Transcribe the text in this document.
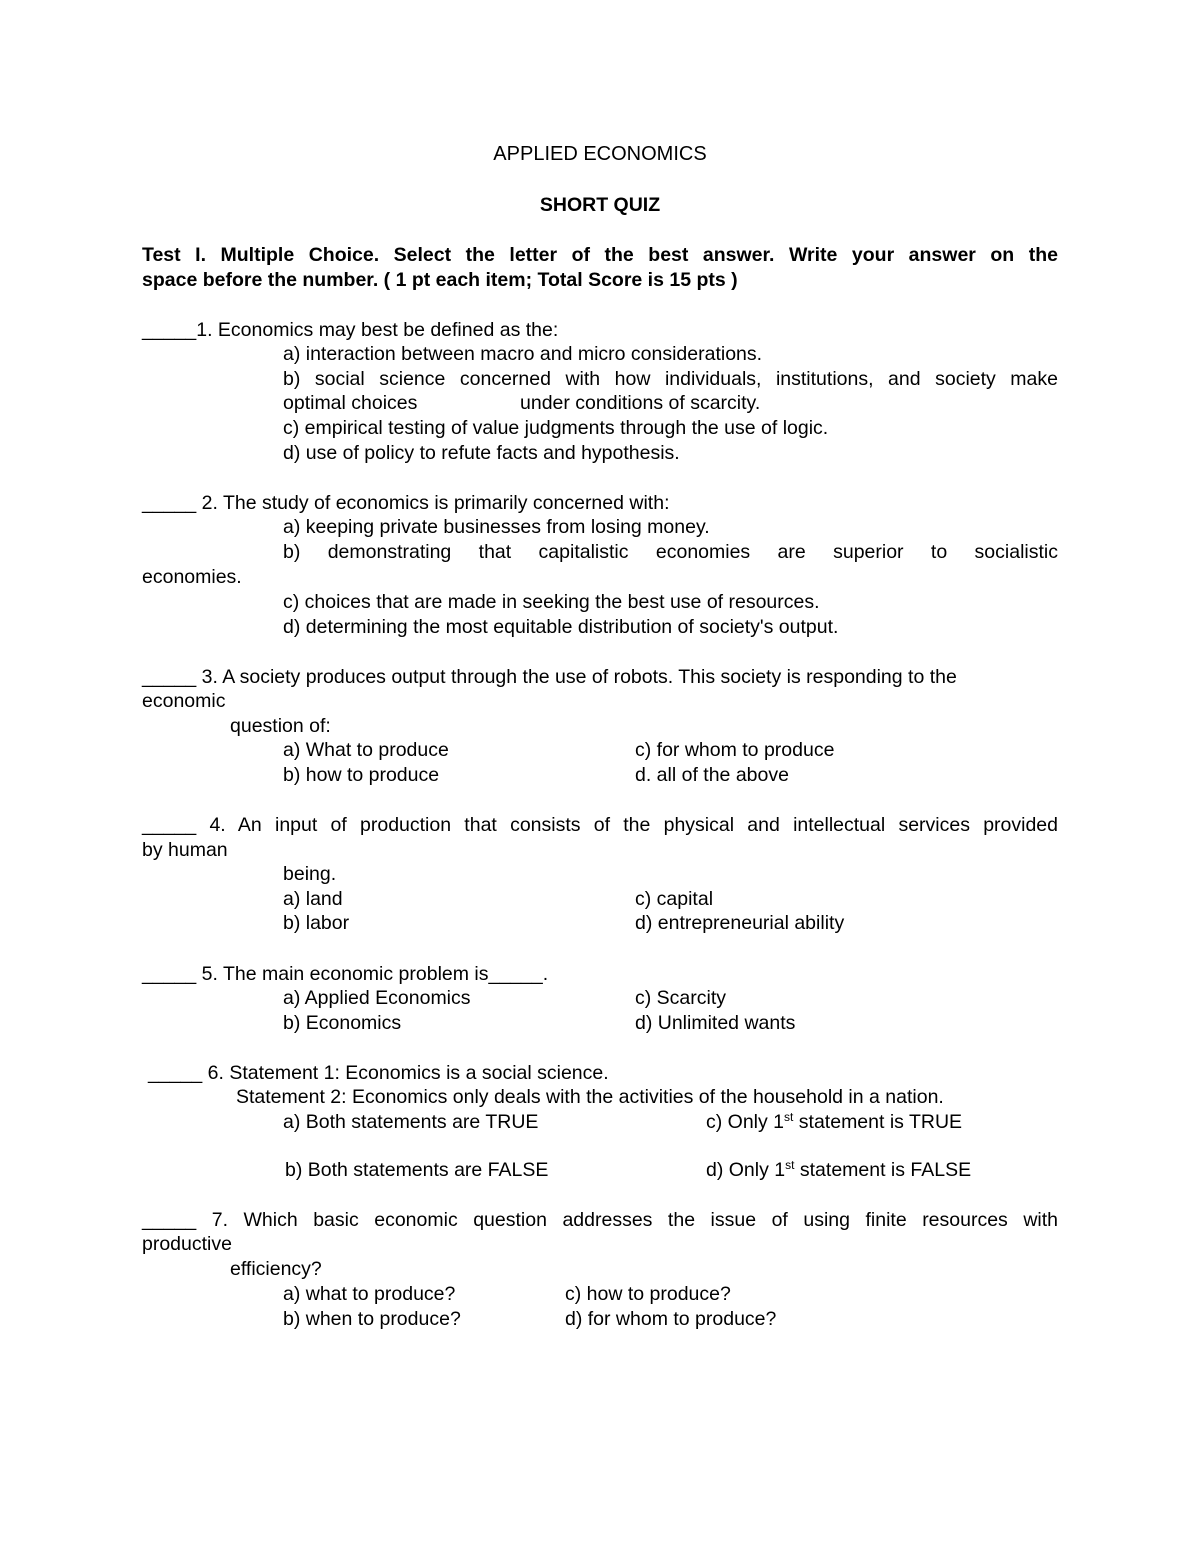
APPLIED ECONOMICS
SHORT QUIZ
Test I. Multiple Choice. Select the letter of the best answer. Write your answer on the
space before the number. ( 1 pt each item; Total Score is 15 pts )
_____1. Economics may best be defined as the:
a) interaction between macro and micro considerations.
b) social science concerned with how individuals, institutions, and society make
optimal choices	under conditions of scarcity.
c) empirical testing of value judgments through the use of logic.
d) use of policy to refute facts and hypothesis.
_____ 2. The study of economics is primarily concerned with:
a) keeping private businesses from losing money.
b) demonstrating that capitalistic economies are superior to socialistic
economies.
c) choices that are made in seeking the best use of resources.
d) determining the most equitable distribution of society's output.
_____ 3. A society produces output through the use of robots. This society is responding to the
economic
question of:
a) What to produce	c) for whom to produce
b) how to produce	d. all of the above
_____ 4. An input of production that consists of the physical and intellectual services provided
by human
being.
a) land	c) capital
b) labor	d) entrepreneurial ability
_____ 5. The main economic problem is_____.
a) Applied Economics	c) Scarcity
b) Economics	d) Unlimited wants
_____ 6. Statement 1: Economics is a social science.
Statement 2: Economics only deals with the activities of the household in a nation.
a) Both statements are TRUE	c) Only 1st statement is TRUE
b) Both statements are FALSE	d) Only 1st statement is FALSE
_____ 7. Which basic economic question addresses the issue of using finite resources with
productive
efficiency?
a) what to produce?	c) how to produce?
b) when to produce?	d) for whom to produce?
